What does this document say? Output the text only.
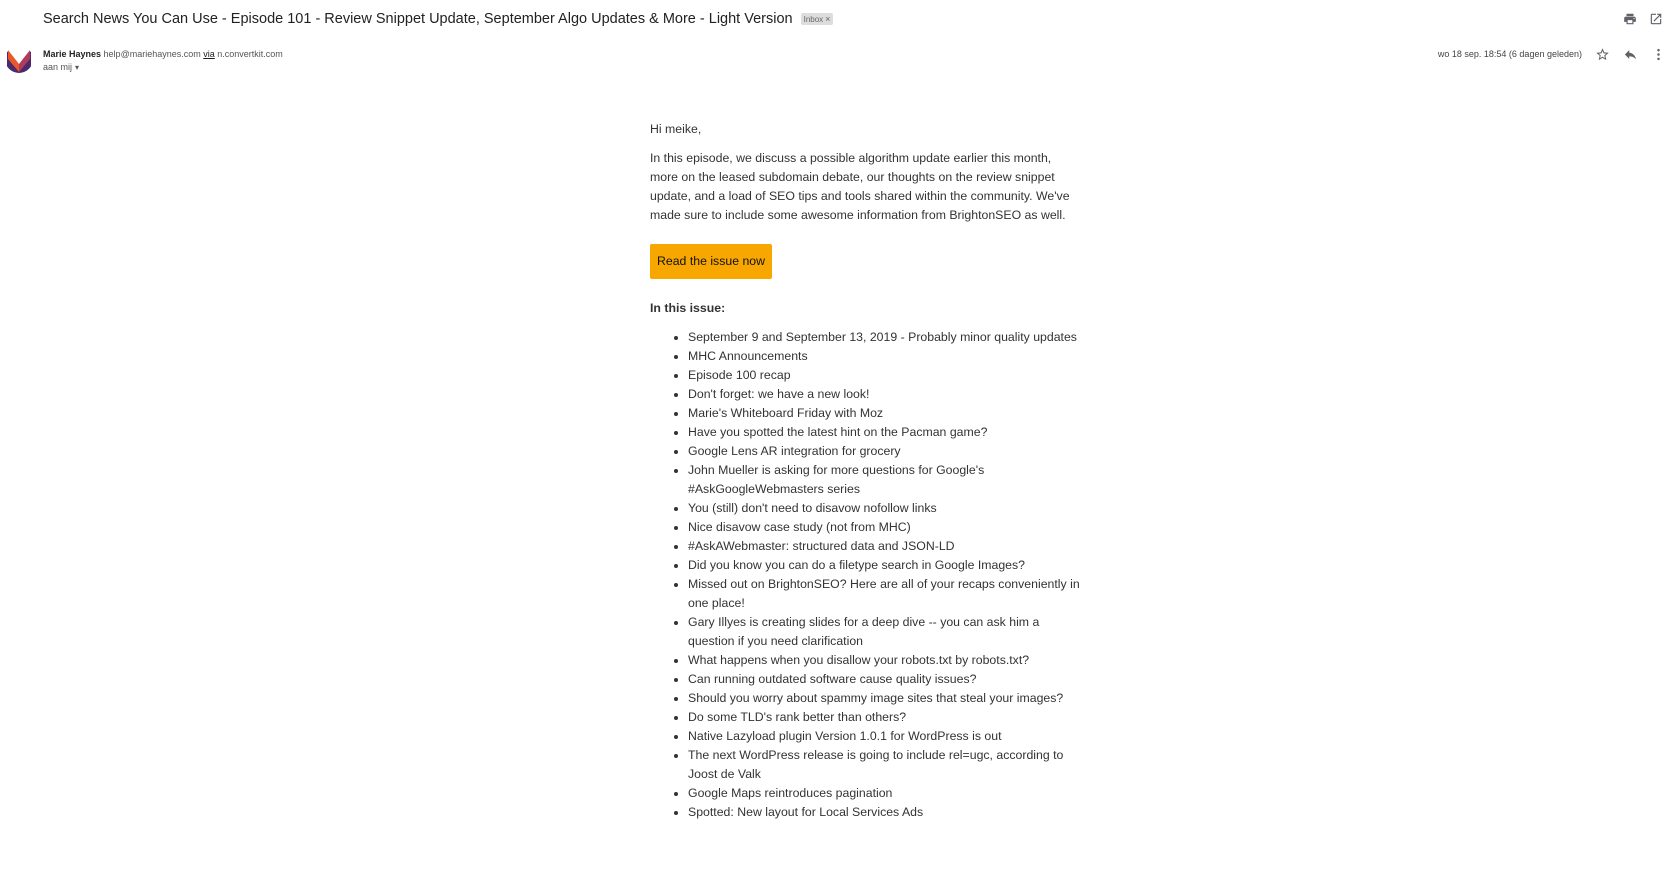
Search News You Can Use - Episode 101 - Review Snippet Update, September Algo Updates & More - Light Version Inbox ×
Marie Haynes help@mariehaynes.com via n.convertkit.com
aan mij ▾
wo 18 sep. 18:54 (6 dagen geleden)

Hi meike,

In this episode, we discuss a possible algorithm update earlier this month, more on the leased subdomain debate, our thoughts on the review snippet update, and a load of SEO tips and tools shared within the community. We've made sure to include some awesome information from BrightonSEO as well.

Read the issue now

In this issue:

• September 9 and September 13, 2019 - Probably minor quality updates
• MHC Announcements
• Episode 100 recap
• Don't forget: we have a new look!
• Marie's Whiteboard Friday with Moz
• Have you spotted the latest hint on the Pacman game?
• Google Lens AR integration for grocery
• John Mueller is asking for more questions for Google's #AskGoogleWebmasters series
• You (still) don't need to disavow nofollow links
• Nice disavow case study (not from MHC)
• #AskAWebmaster: structured data and JSON-LD
• Did you know you can do a filetype search in Google Images?
• Missed out on BrightonSEO? Here are all of your recaps conveniently in one place!
• Gary Illyes is creating slides for a deep dive -- you can ask him a question if you need clarification
• What happens when you disallow your robots.txt by robots.txt?
• Can running outdated software cause quality issues?
• Should you worry about spammy image sites that steal your images?
• Do some TLD's rank better than others?
• Native Lazyload plugin Version 1.0.1 for WordPress is out
• The next WordPress release is going to include rel=ugc, according to Joost de Valk
• Google Maps reintroduces pagination
• Spotted: New layout for Local Services Ads
